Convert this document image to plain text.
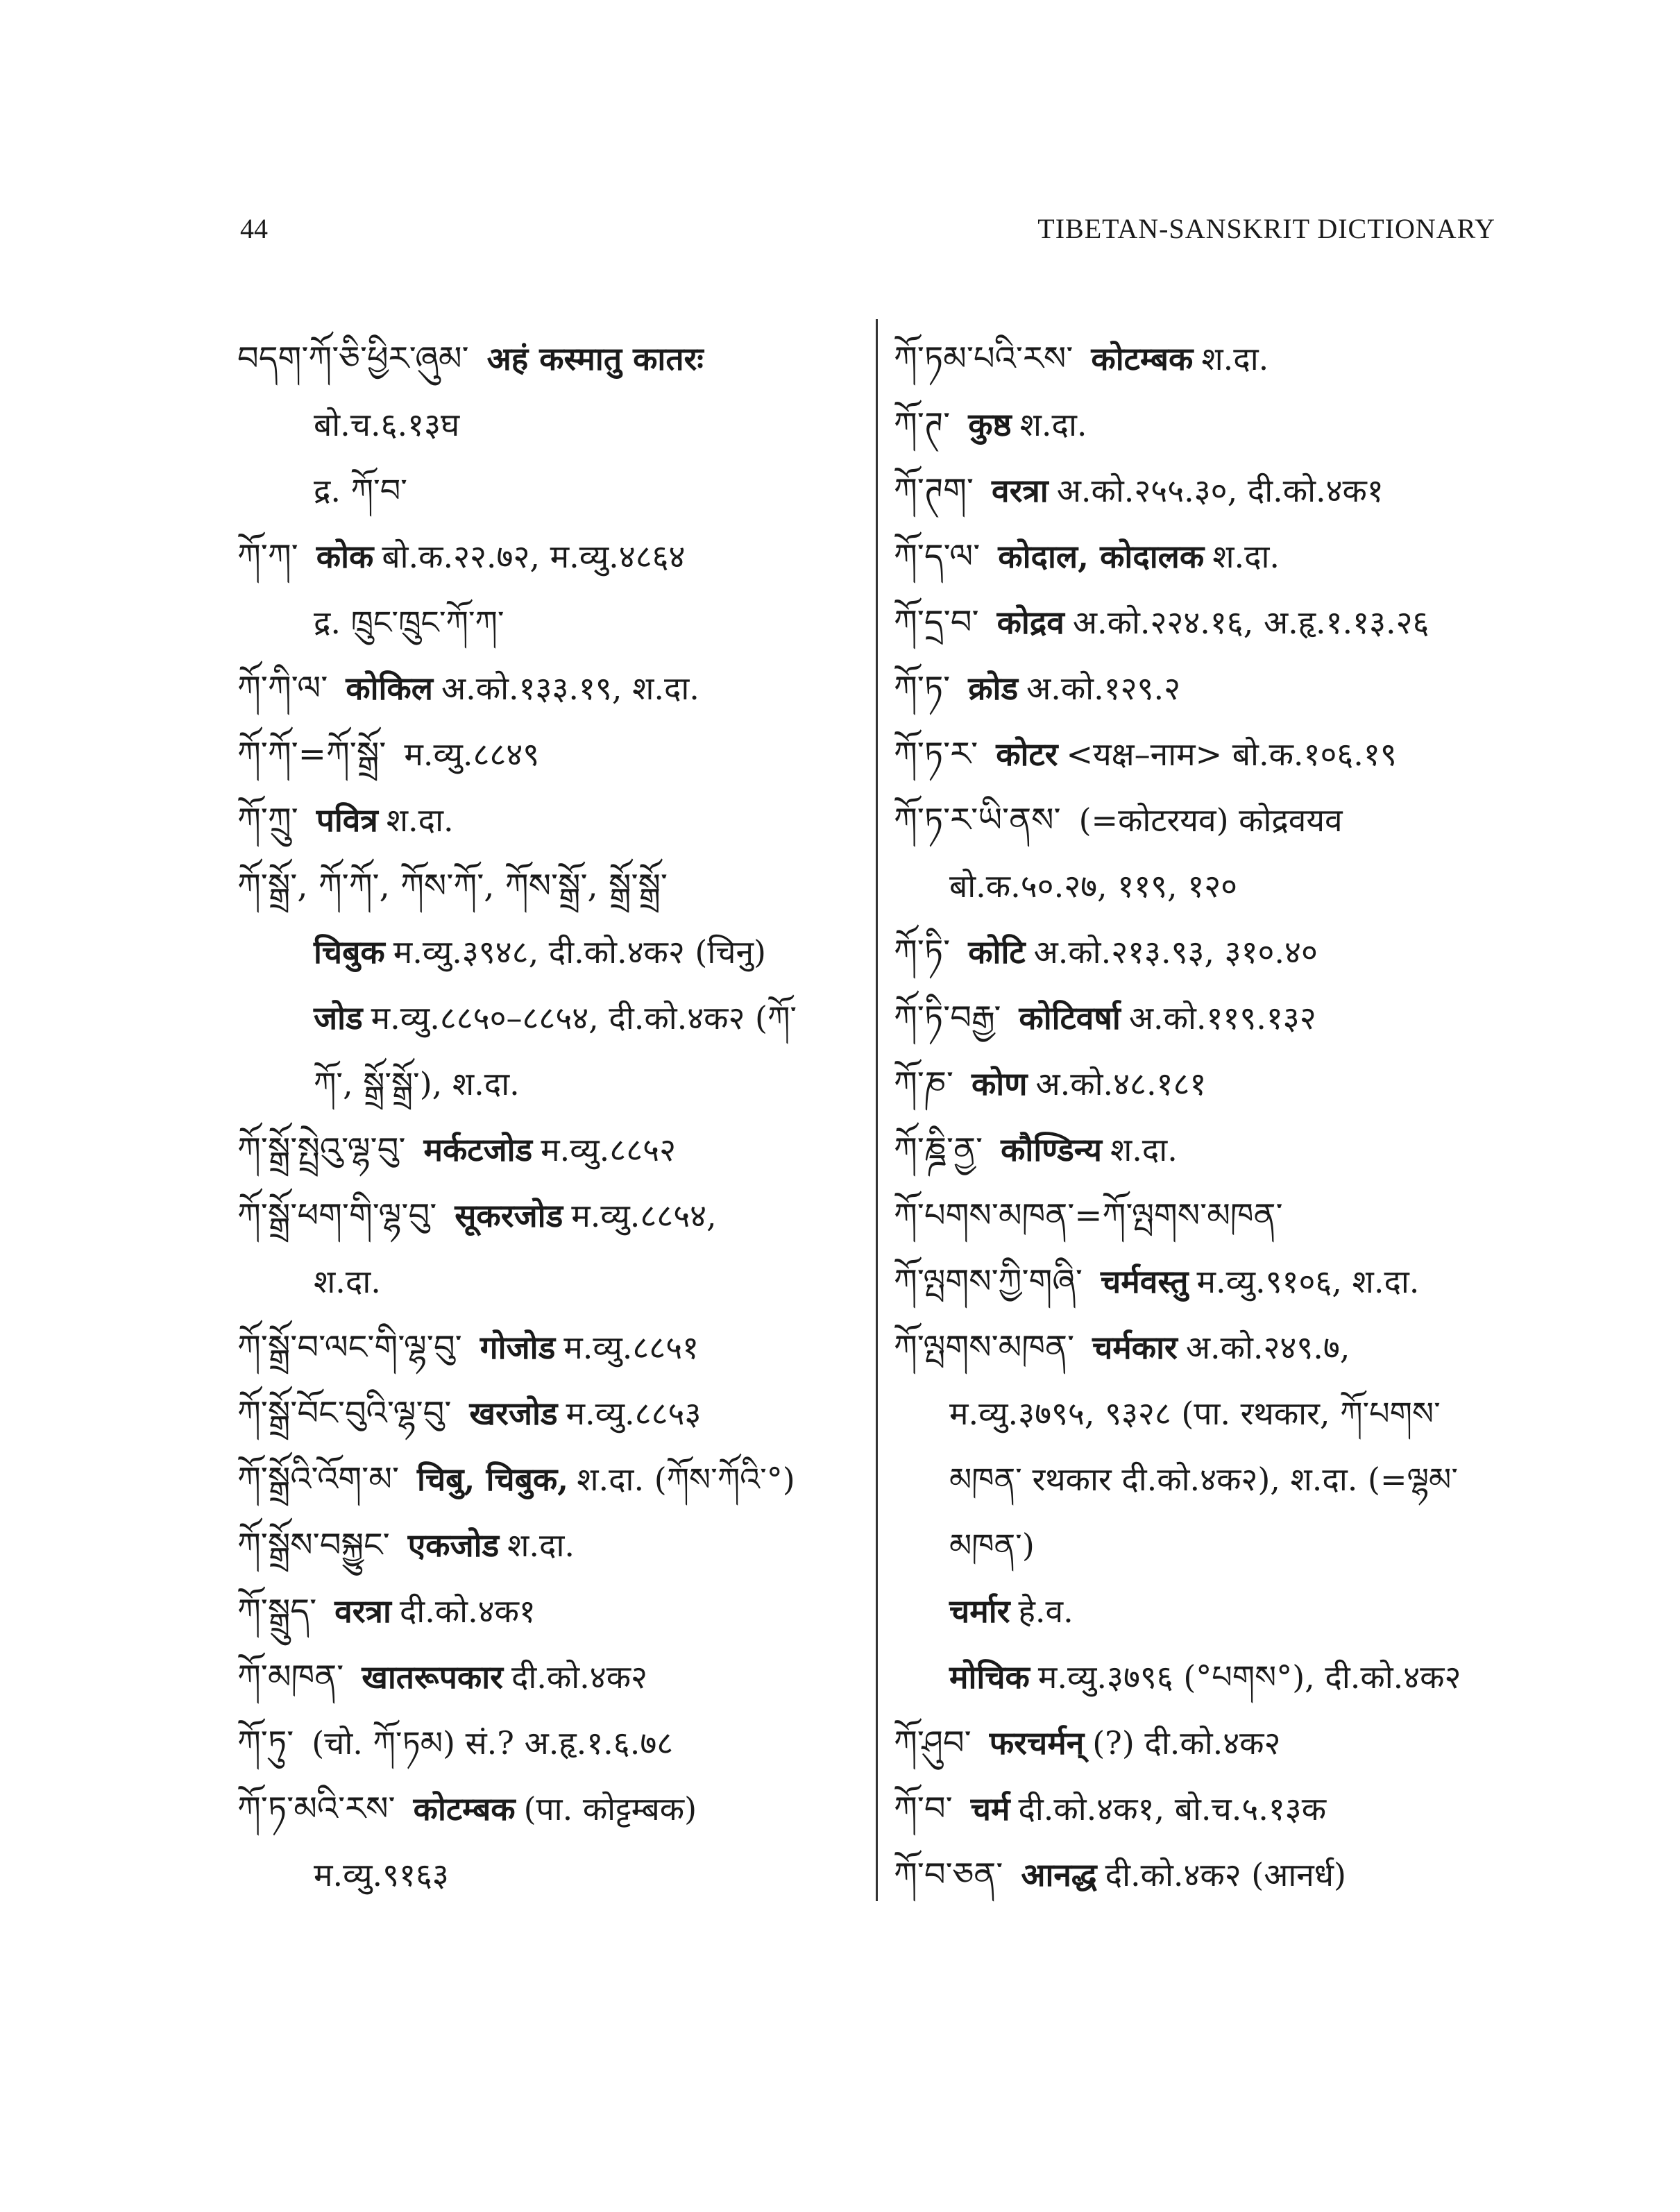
44	TIBETAN-SANSKRIT DICTIONARY
བདག་ཀོ་ཅི་ཕྱིར་ཞུམ་ अहं कस्मातु कातरः
बो.च.६.१३घ
द्र. ཀོ་བ་
ཀོ་ཀ་ कोक बो.क.२२.७२, म.व्यु.४८६४
द्र. ཁྲུང་ཁྲུང་ཀོ་ཀ་
ཀོ་ཀི་ལ་ कोकिल अ.को.१३३.१९, श.दा.
ཀོ་ཀོ་=ཀོ་སྒྲོ་ म.व्यु.८८४९
ཀོ་ཀྲུ་ पवित्र श.दा.
ཀོ་སྒྲོ་, ཀོ་ཀོ་, ཀོས་ཀོ་, ཀོས་སྒྲོ་, སྒྲོ་སྒྲོ་
चिबुक म.व्यु.३९४८, दी.को.४क२ (चिनु)
जोड म.व्यु.८८५०–८८५४, दी.को.४क२ (ཀོ་
ཀོ་, སྒྲོ་སྒྲོ་), श.दा.
ཀོ་སྒྲོ་སྤྲེའུ་ལྷ་བུ་ मर्कटजोड म.व्यु.८८५२
ཀོ་སྒྲོ་ཕག་གི་ལྷ་བུ་ सूकरजोड म.व्यु.८८५४,
श.दा.
ཀོ་སྒྲོ་བ་ལང་གི་ལྷ་བུ་ गोजोड म.व्यु.८८५१
ཀོ་སྒྲོ་བོང་བུའི་ལྷ་བུ་ खरजोड म.व्यु.८८५३
ཀོ་སྒྲོའི་འོག་མ་ चिबु, चिबुक, श.दा. (ཀོས་ཀོའི་°)
ཀོ་སྒྲོས་བསྐྱུང་ एकजोड श.दा.
ཀོ་སྒྲུད་ वरत्रा दी.को.४क१
ཀོ་མཁན་ खातरूपकार दी.को.४क२
ཀོ་ཏུ་ (चो. ཀོ་ཏམ) सं.? अ.हृ.१.६.७८
ཀོ་ཏ་མའི་རས་ कोटम्बक (पा. कोट्टम्बक)
म.व्यु.९१६३
ཀོ་ཏམ་པའི་རས་ कोटम्बक श.दा.
ཀོ་ཊ་ कुष्ठ श.दा.
ཀོ་ཊག་ वरत्रा अ.को.२५५.३०, दी.को.४क१
ཀོ་ད་ལ་ कोदाल, कोदालक श.दा.
ཀོ་དྲ་བ་ कोद्रव अ.को.२२४.१६, अ.हृ.१.१३.२६
ཀོ་ཏ་ क्रोड अ.को.१२९.२
ཀོ་ཏ་ར་ कोटर <यक्ष–नाम> बो.क.१०६.१९
ཀོ་ཏ་ར་ཡི་ནས་ (=कोटरयव) कोद्रवयव
बो.क.५०.२७, ११९, १२०
ཀོ་ཏི་ कोटि अ.को.२१३.९३, ३१०.४०
ཀོ་ཏི་བརྒྱ་ कोटिवर्षा अ.को.११९.१३२
ཀོ་ཎ་ कोण अ.को.४८.१८१
ཀོ་ཎྜི་ནྱ་ कौण्डिन्य श.दा.
ཀོ་པགས་མཁན་=ཀོ་ལྤགས་མཁན་
ཀོ་ལྤགས་ཀྱི་གཞི་ चर्मवस्तु म.व्यु.९१०६, श.दा.
ཀོ་ལྤགས་མཁན་ चर्मकार अ.को.२४९.७,
म.व्यु.३७९५, ९३२८ (पा. रथकार, ཀོ་པགས་
མཁན་ रथकार दी.को.४क२), श.दा. (=ལྷམ་
མཁན་)
चर्मार हे.व.
मोचिक म.व्यु.३७९६ (°པགས°), दी.को.४क२
ཀོ་ཤུབ་ फरचर्मन् (?) दी.को.४क२
ཀོ་བ་ चर्म दी.को.४क१, बो.च.५.१३क
ཀོ་བ་ཅན་ आनद्ध दी.को.४क२ (आनर्ध)
